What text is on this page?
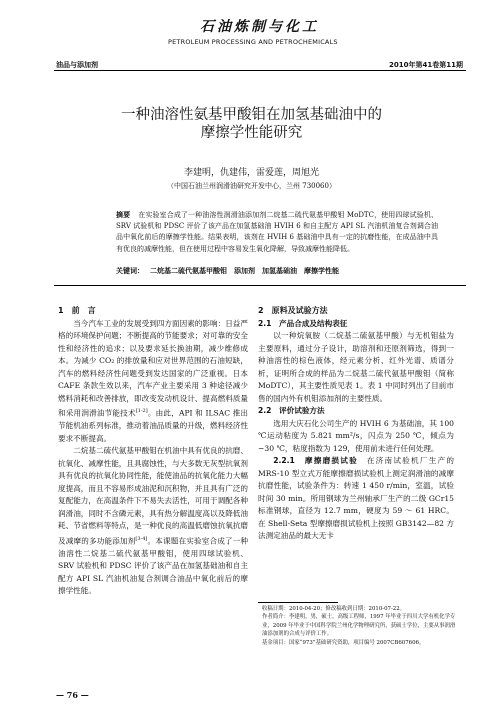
石油炼制与化工
PETROLEUM PROCESSING AND PETROCHEMICALS
油品与添加剂	2010年第41卷第11期
一种油溶性氨基甲酸钼在加氢基础油中的
摩擦学性能研究
李建明，仇建伟，雷爱莲，周旭光
（中国石油兰州润滑油研究开发中心，兰州 730060）
摘要 在实验室合成了一种油溶性润滑油添加剂二烷基二硫代氨基甲酸钼 MoDTC，使用四球试验机、SRV 试验机和 PDSC 评价了该产品在加氢基础油 HVIH 6 和自主配方 API SL 汽油机油复合剂调合油品中氧化前后的摩擦学性能。结果表明，该剂在 HVIH 6 基础油中具有一定的抗磨性能，在成品油中具有优良的减摩性能，但在使用过程中容易发生氧化降解，导致减摩性能降低。
关键词： 二烷基二硫代氨基甲酸钼　添加剂　加氢基础油　摩擦学性能

1　前　言

当今汽车工业的发展受到四方面因素的影响：日益严格的环境保护问题；不断提高的节能要求；对可靠的安全性和经济性的追求；以及要求延长换油期，减少维修成本。为减少 CO₂ 的排放量和应对世界范围的石油短缺，汽车的燃料经济性问题受到发达国家的广泛重视。日本 CAFE 条款生效以来，汽车产业主要采用 3 种途径减少燃料消耗和改善排放，即改变发动机设计、提高燃料质量和采用润滑油节能技术[1-2]。由此，API 和 ILSAC 推出节能机油系列标准，推动着油品质量的升级，燃料经济性要求不断提高。

二烷基二硫代氨基甲酸钼在机油中具有优良的抗磨、抗氧化、减摩性能，且具腐蚀性，与大多数无灰型抗氧剂具有优良的抗氧化协同性能，能使油品的抗氧化能力大幅度提高，而且不容易形成油泥和沉积物，并且具有广泛的复配能力，在高温条件下不易失去活性，可用于调配各种润滑油，同时不含磷元素，具有热分解温度高以及降低油耗、节省燃料等特点，是一种优良的高温低磨蚀抗氧抗磨及减摩的多功能添加剂[3-4]。本课题在实验室合成了一种油溶性二烷基二硫代氨基甲酸钼，使用四球试验机、SRV 试验机和 PDSC 评价了该产品在加氢基础油和自主配方 API SL 汽油机油复合剂调合油品中氧化前后的摩擦学性能。

2　原料及试验方法

2.1　产品合成及结构表征

以一种烷氧胺（二烷基二硫氨基甲酸）与无机钼盐为主要原料，通过分子设计，助溶剂和还原剂筛选，得到一种油溶性的棕色液体，经元素分析、红外光谱、质谱分析，证明所合成的样品为二烷基二硫代氨基甲酸钼（简称 MoDTC），其主要性质见表 1。表 1 中同时列出了目前市售的国内外有机钼添加剂的主要性质。

2.2　评价试验方法

选用大庆石化公司生产的 HVIH 6 为基础油，其 100 ℃运动粘度为 5.821 mm²/s，闪点为 250 ℃，倾点为 −30 ℃，粘度指数为 129，使用前未进行任何处理。

2.2.1　摩擦磨损试验　 在济南试验机厂生产的 MRS-10 型立式万能摩擦磨损试验机上测定润滑油的减摩抗磨性能，试验条件为：转速 1 450 r/min，室温，试验时间 30 min。所用钢球为兰州轴承厂生产的二级 GCr15 标准钢球，直径为 12.7 mm，硬度为 59 ～ 61 HRC。在 Shell-Seta 型摩擦磨损试验机上按照 GB3142—82 方法测定油品的最大无卡

收稿日期：2010-04-20；修改稿收到日期：2010-07-22。
作者简介：李建明，男，硕士，高级工程师，1997 年毕业于四川大学有机化学专业，2009 年毕业于中国科学院兰州化学物理研究所，获硕士学位，主要从事润滑油添加剂的合成与评价工作。
基金项目：国家“973”基础研究资助，项目编号 2007CB607606。
— 76 —
